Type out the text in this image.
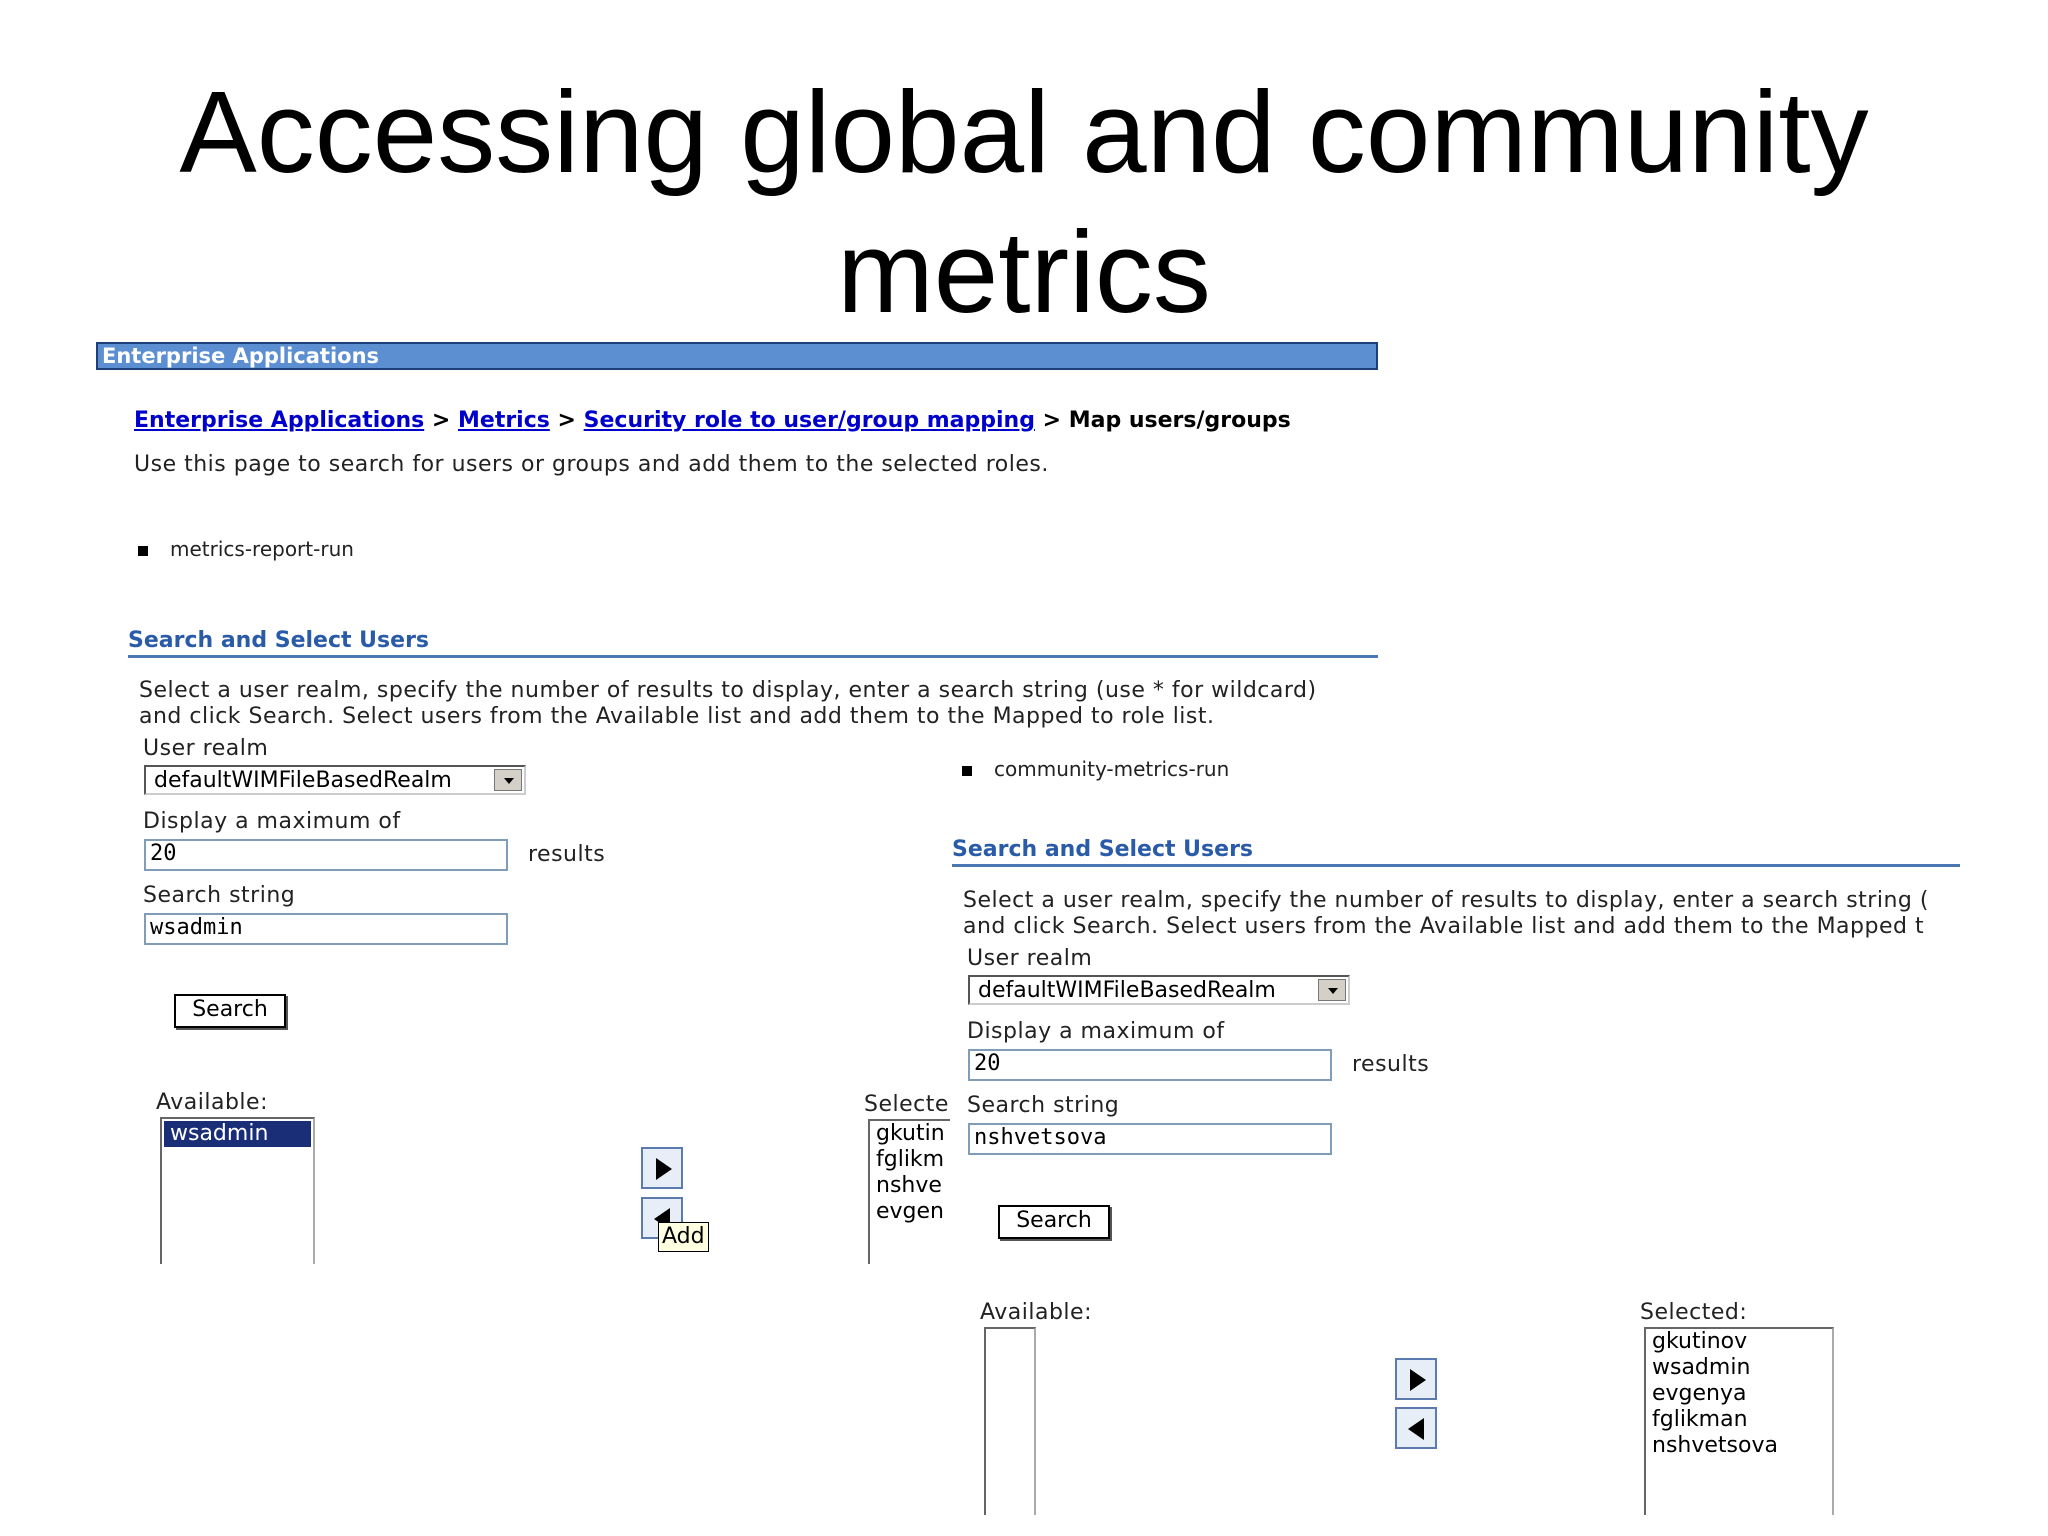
Accessing global and community
metrics
Enterprise Applications
Enterprise Applications > Metrics > Security role to user/group mapping > Map users/groups
Use this page to search for users or groups and add them to the selected roles.
metrics-report-run
Search and Select Users
Select a user realm, specify the number of results to display, enter a search string (use * for wildcard)
and click Search. Select users from the Available list and add them to the Mapped to role list.
User realm
defaultWIMFileBasedRealm
Display a maximum of
20	results
Search string
wsadmin
Search
Available:
wsadmin
Add
Selecte
gkutin
fglikm
nshve
evgen
community-metrics-run
Search and Select Users
Select a user realm, specify the number of results to display, enter a search string (
and click Search. Select users from the Available list and add them to the Mapped t
User realm
defaultWIMFileBasedRealm
Display a maximum of
20	results
Search string
nshvetsova
Search
Available:	Selected:
gkutinov
wsadmin
evgenya
fglikman
nshvetsova
